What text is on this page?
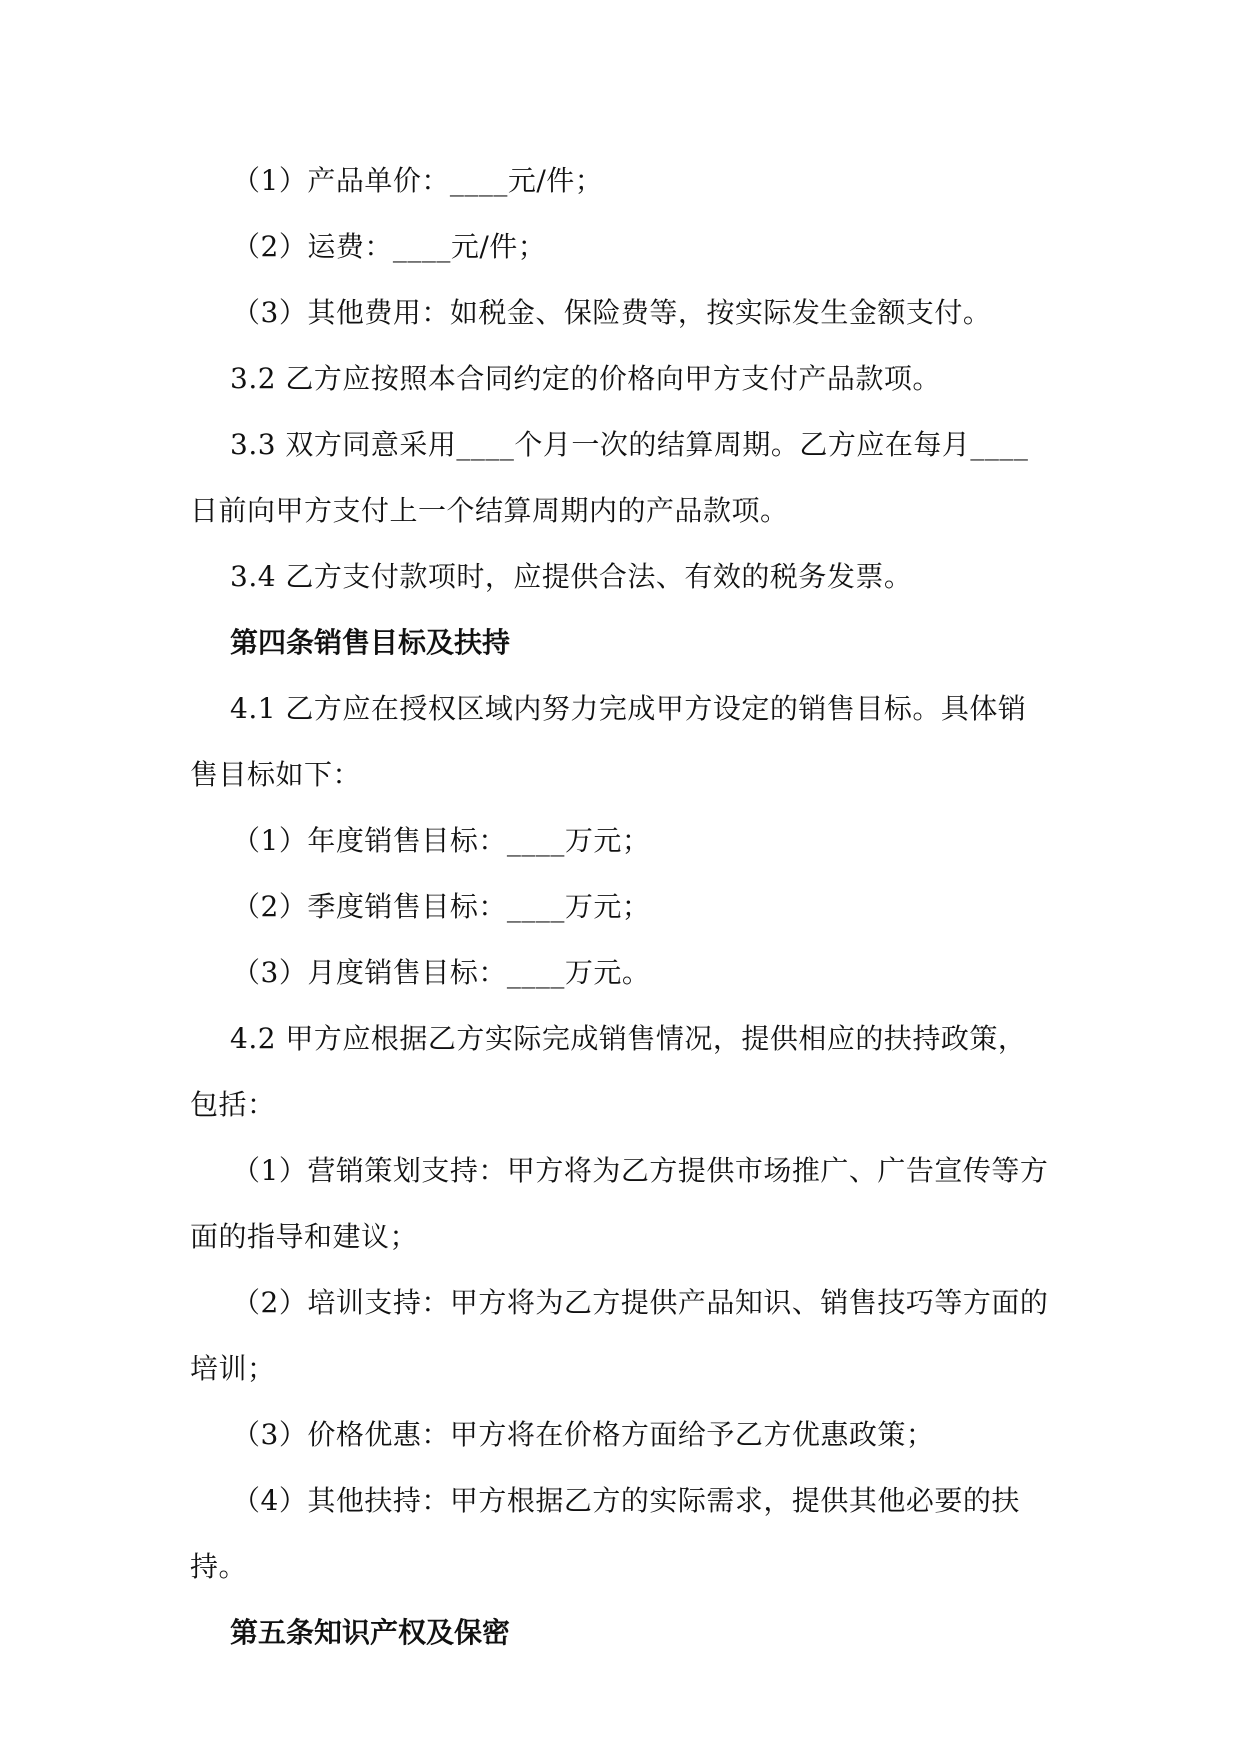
（1）产品单价：____元/件；

（2）运费：____元/件；

（3）其他费用：如税金、保险费等，按实际发生金额支付。

3.2 乙方应按照本合同约定的价格向甲方支付产品款项。

3.3 双方同意采用____个月一次的结算周期。乙方应在每月____日前向甲方支付上一个结算周期内的产品款项。

3.4 乙方支付款项时，应提供合法、有效的税务发票。

第四条销售目标及扶持

4.1 乙方应在授权区域内努力完成甲方设定的销售目标。具体销售目标如下：

（1）年度销售目标：____万元；

（2）季度销售目标：____万元；

（3）月度销售目标：____万元。

4.2 甲方应根据乙方实际完成销售情况，提供相应的扶持政策，包括：

（1）营销策划支持：甲方将为乙方提供市场推广、广告宣传等方面的指导和建议；

（2）培训支持：甲方将为乙方提供产品知识、销售技巧等方面的培训；

（3）价格优惠：甲方将在价格方面给予乙方优惠政策；

（4）其他扶持：甲方根据乙方的实际需求，提供其他必要的扶持。

第五条知识产权及保密
